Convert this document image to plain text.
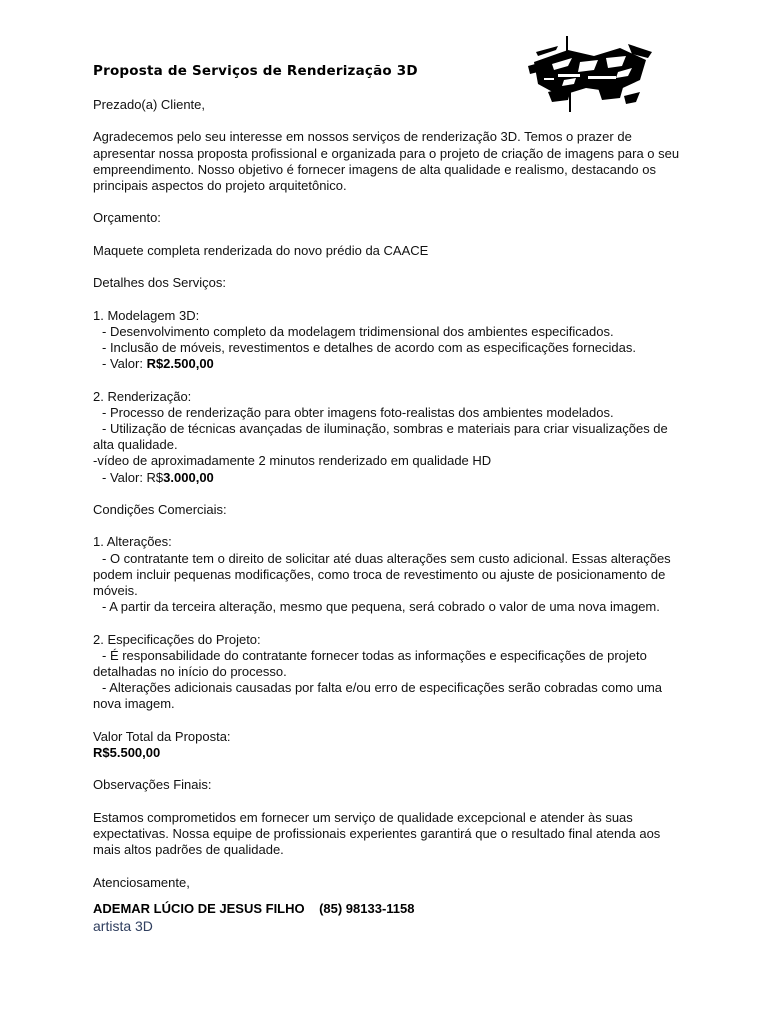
Proposta de Serviços de Renderização 3D

Prezado(a) Cliente,

Agradecemos pelo seu interesse em nossos serviços de renderização 3D. Temos o prazer de apresentar nossa proposta profissional e organizada para o projeto de criação de imagens para o seu empreendimento. Nosso objetivo é fornecer imagens de alta qualidade e realismo, destacando os principais aspectos do projeto arquitetônico.

Orçamento:

Maquete completa renderizada do novo prédio da CAACE

Detalhes dos Serviços:

1. Modelagem 3D:
- Desenvolvimento completo da modelagem tridimensional dos ambientes especificados.
- Inclusão de móveis, revestimentos e detalhes de acordo com as especificações fornecidas.
- Valor: R$2.500,00
2. Renderização:
- Processo de renderização para obter imagens foto-realistas dos ambientes modelados.
- Utilização de técnicas avançadas de iluminação, sombras e materiais para criar visualizações de alta qualidade.
-vídeo de aproximadamente 2 minutos renderizado em qualidade HD
- Valor: R$3.000,00

Condições Comerciais:

1. Alterações:
- O contratante tem o direito de solicitar até duas alterações sem custo adicional. Essas alterações podem incluir pequenas modificações, como troca de revestimento ou ajuste de posicionamento de móveis.
- A partir da terceira alteração, mesmo que pequena, será cobrado o valor de uma nova imagem.
2. Especificações do Projeto:
- É responsabilidade do contratante fornecer todas as informações e especificações de projeto detalhadas no início do processo.
- Alterações adicionais causadas por falta e/ou erro de especificações serão cobradas como uma nova imagem.
Valor Total da Proposta:
R$5.500,00

Observações Finais:

Estamos comprometidos em fornecer um serviço de qualidade excepcional e atender às suas expectativas. Nossa equipe de profissionais experientes garantirá que o resultado final atenda aos mais altos padrões de qualidade.

Atenciosamente,

ADEMAR LÚCIO DE JESUS FILHO (85) 98133-1158
artista 3D
